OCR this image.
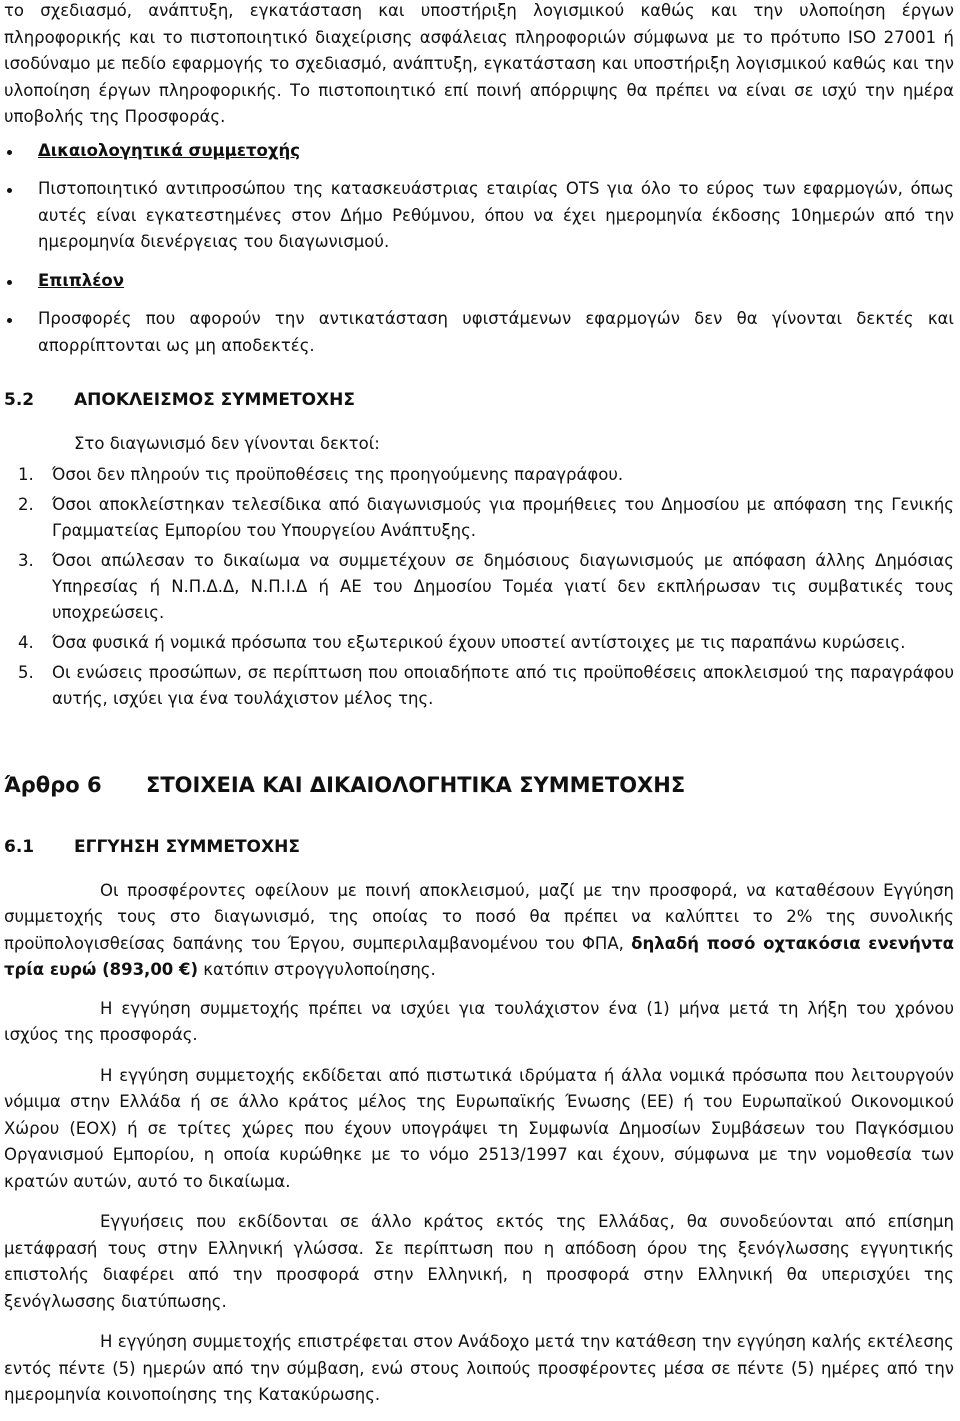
το σχεδιασμό, ανάπτυξη, εγκατάσταση και υποστήριξη λογισμικού καθώς και την υλοποίηση έργων πληροφορικής και το πιστοποιητικό διαχείρισης ασφάλειας πληροφοριών σύμφωνα με το πρότυπο ISO 27001 ή ισοδύναμο με πεδίο εφαρμογής το σχεδιασμό, ανάπτυξη, εγκατάσταση και υποστήριξη λογισμικού καθώς και την υλοποίηση έργων πληροφορικής. Το πιστοποιητικό επί ποινή απόρριψης θα πρέπει να είναι σε ισχύ την ημέρα υποβολής της Προσφοράς.

Δικαιολογητικά συμμετοχής
Πιστοποιητικό αντιπροσώπου της κατασκευάστριας εταιρίας OTS για όλο το εύρος των εφαρμογών, όπως αυτές είναι εγκατεστημένες στον Δήμο Ρεθύμνου, όπου να έχει ημερομηνία έκδοσης 10ημερών από την ημερομηνία διενέργειας του διαγωνισμού.
Επιπλέον
Προσφορές που αφορούν την αντικατάσταση υφιστάμενων εφαρμογών δεν θα γίνονται δεκτές και απορρίπτονται ως μη αποδεκτές.
5.2	ΑΠΟΚΛΕΙΣΜΟΣ ΣΥΜΜΕΤΟΧΗΣ

Στο διαγωνισμό δεν γίνονται δεκτοί:

1.	Όσοι δεν πληρούν τις προϋποθέσεις της προηγούμενης παραγράφου.
2.	Όσοι αποκλείστηκαν τελεσίδικα από διαγωνισμούς για προμήθειες του Δημοσίου με απόφαση της Γενικής Γραμματείας Εμπορίου του Υπουργείου Ανάπτυξης.
3.	Όσοι απώλεσαν το δικαίωμα να συμμετέχουν σε δημόσιους διαγωνισμούς με απόφαση άλλης Δημόσιας Υπηρεσίας ή Ν.Π.Δ.Δ, Ν.Π.Ι.Δ ή ΑΕ του Δημοσίου Τομέα γιατί δεν εκπλήρωσαν τις συμβατικές τους υποχρεώσεις.
4.	Όσα φυσικά ή νομικά πρόσωπα του εξωτερικού έχουν υποστεί αντίστοιχες με τις παραπάνω κυρώσεις.
5.	Οι ενώσεις προσώπων, σε περίπτωση που οποιαδήποτε από τις προϋποθέσεις αποκλεισμού της παραγράφου αυτής, ισχύει για ένα τουλάχιστον μέλος της.
Άρθρο 6	ΣΤΟΙΧΕΙΑ ΚΑΙ ΔΙΚΑΙΟΛΟΓΗΤΙΚΑ ΣΥΜΜΕΤΟΧΗΣ
6.1	ΕΓΓΥΗΣΗ ΣΥΜΜΕΤΟΧΗΣ

Οι προσφέροντες οφείλουν με ποινή αποκλεισμού, μαζί με την προσφορά, να καταθέσουν Εγγύηση συμμετοχής τους στο διαγωνισμό, της οποίας το ποσό θα πρέπει να καλύπτει το 2% της συνολικής προϋπολογισθείσας δαπάνης του Έργου, συμπεριλαμβανομένου του ΦΠΑ, δηλαδή ποσό οχτακόσια ενενήντα τρία ευρώ (893,00 €) κατόπιν στρογγυλοποίησης.

Η εγγύηση συμμετοχής πρέπει να ισχύει για τουλάχιστον ένα (1) μήνα μετά τη λήξη του χρόνου ισχύος της προσφοράς.

Η εγγύηση συμμετοχής εκδίδεται από πιστωτικά ιδρύματα ή άλλα νομικά πρόσωπα που λειτουργούν νόμιμα στην Ελλάδα ή σε άλλο κράτος μέλος της Ευρωπαϊκής Ένωσης (ΕΕ) ή του Ευρωπαϊκού Οικονομικού Χώρου (ΕΟΧ) ή σε τρίτες χώρες που έχουν υπογράψει τη Συμφωνία Δημοσίων Συμβάσεων του Παγκόσμιου Οργανισμού Εμπορίου, η οποία κυρώθηκε με το νόμο 2513/1997 και έχουν, σύμφωνα με την νομοθεσία των κρατών αυτών, αυτό το δικαίωμα.

Εγγυήσεις που εκδίδονται σε άλλο κράτος εκτός της Ελλάδας, θα συνοδεύονται από επίσημη μετάφρασή τους στην Ελληνική γλώσσα. Σε περίπτωση που η απόδοση όρου της ξενόγλωσσης εγγυητικής επιστολής διαφέρει από την προσφορά στην Ελληνική, η προσφορά στην Ελληνική θα υπερισχύει της ξενόγλωσσης διατύπωσης.

Η εγγύηση συμμετοχής επιστρέφεται στον Ανάδοχο μετά την κατάθεση την εγγύηση καλής εκτέλεσης εντός πέντε (5) ημερών από την σύμβαση, ενώ στους λοιπούς προσφέροντες μέσα σε πέντε (5) ημέρες από την ημερομηνία κοινοποίησης της Κατακύρωσης.
